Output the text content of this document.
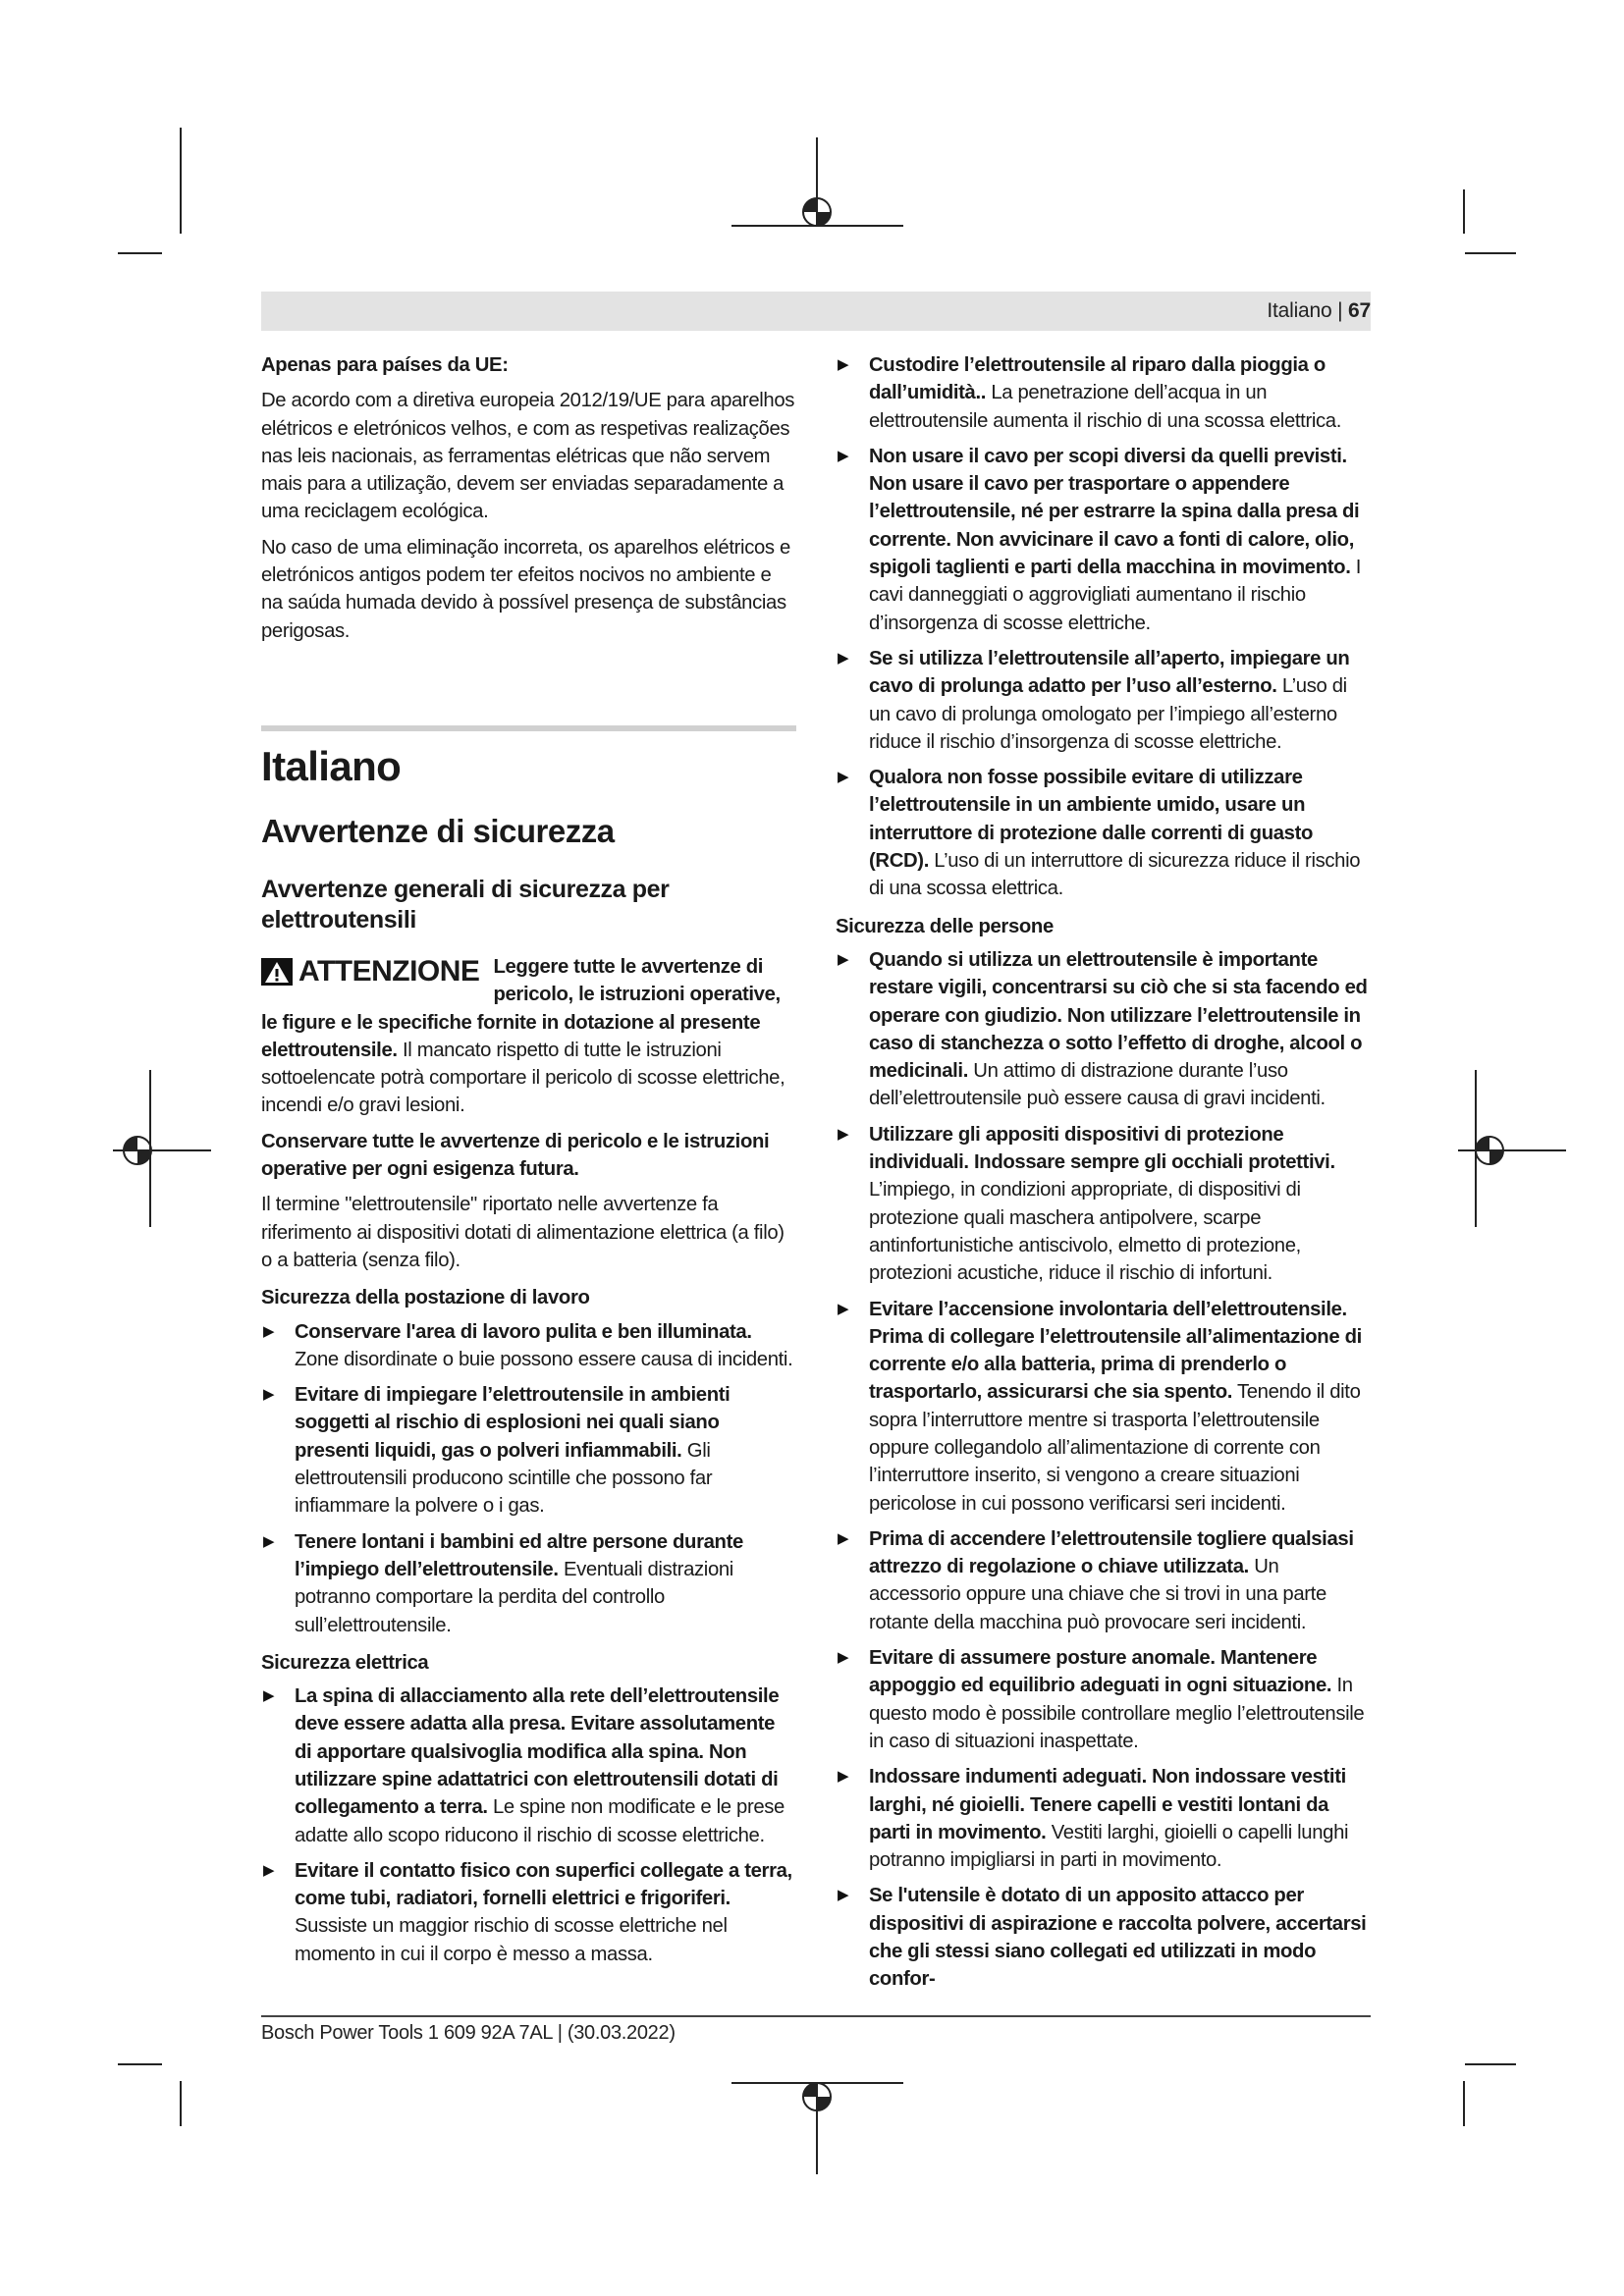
Italiano | 67

Apenas para países da UE:

De acordo com a diretiva europeia 2012/19/UE para aparelhos elétricos e eletrónicos velhos, e com as respetivas realizações nas leis nacionais, as ferramentas elétricas que não servem mais para a utilização, devem ser enviadas separadamente a uma reciclagem ecológica.

No caso de uma eliminação incorreta, os aparelhos elétricos e eletrónicos antigos podem ter efeitos nocivos no ambiente e na saúda humada devido à possível presença de substâncias perigosas.

Italiano
Avvertenze di sicurezza
Avvertenze generali di sicurezza per elettroutensili
ATTENZIONE Leggere tutte le avvertenze di pericolo, le istruzioni operative, le figure e le specifiche fornite in dotazione al presente elettroutensile. Il mancato rispetto di tutte le istruzioni sottoelencate potrà comportare il pericolo di scosse elettriche, incendi e/o gravi lesioni.

Conservare tutte le avvertenze di pericolo e le istruzioni operative per ogni esigenza futura.

Il termine "elettroutensile" riportato nelle avvertenze fa riferimento ai dispositivi dotati di alimentazione elettrica (a filo) o a batteria (senza filo).

Sicurezza della postazione di lavoro

▶ Conservare l'area di lavoro pulita e ben illuminata. Zone disordinate o buie possono essere causa di incidenti.
▶ Evitare di impiegare l’elettroutensile in ambienti soggetti al rischio di esplosioni nei quali siano presenti liquidi, gas o polveri infiammabili. Gli elettroutensili producono scintille che possono far infiammare la polvere o i gas.
▶ Tenere lontani i bambini ed altre persone durante l’impiego dell’elettroutensile. Eventuali distrazioni potranno comportare la perdita del controllo sull’elettroutensile.

Sicurezza elettrica

▶ La spina di allacciamento alla rete dell’elettroutensile deve essere adatta alla presa. Evitare assolutamente di apportare qualsivoglia modifica alla spina. Non utilizzare spine adattatrici con elettroutensili dotati di collegamento a terra. Le spine non modificate e le prese adatte allo scopo riducono il rischio di scosse elettriche.
▶ Evitare il contatto fisico con superfici collegate a terra, come tubi, radiatori, fornelli elettrici e frigoriferi. Sussiste un maggior rischio di scosse elettriche nel momento in cui il corpo è messo a massa.
▶ Custodire l’elettroutensile al riparo dalla pioggia o dall’umidità.. La penetrazione dell’acqua in un elettroutensile aumenta il rischio di una scossa elettrica.
▶ Non usare il cavo per scopi diversi da quelli previsti. Non usare il cavo per trasportare o appendere l’elettroutensile, né per estrarre la spina dalla presa di corrente. Non avvicinare il cavo a fonti di calore, olio, spigoli taglienti e parti della macchina in movimento. I cavi danneggiati o aggrovigliati aumentano il rischio d’insorgenza di scosse elettriche.
▶ Se si utilizza l’elettroutensile all’aperto, impiegare un cavo di prolunga adatto per l’uso all’esterno. L’uso di un cavo di prolunga omologato per l’impiego all’esterno riduce il rischio d’insorgenza di scosse elettriche.
▶ Qualora non fosse possibile evitare di utilizzare l’elettroutensile in un ambiente umido, usare un interruttore di protezione dalle correnti di guasto (RCD). L’uso di un interruttore di sicurezza riduce il rischio di una scossa elettrica.

Sicurezza delle persone

▶ Quando si utilizza un elettroutensile è importante restare vigili, concentrarsi su ciò che si sta facendo ed operare con giudizio. Non utilizzare l’elettroutensile in caso di stanchezza o sotto l’effetto di droghe, alcool o medicinali. Un attimo di distrazione durante l’uso dell’elettroutensile può essere causa di gravi incidenti.
▶ Utilizzare gli appositi dispositivi di protezione individuali. Indossare sempre gli occhiali protettivi. L’impiego, in condizioni appropriate, di dispositivi di protezione quali maschera antipolvere, scarpe antinfortunistiche antiscivolo, elmetto di protezione, protezioni acustiche, riduce il rischio di infortuni.
▶ Evitare l’accensione involontaria dell’elettroutensile. Prima di collegare l’elettroutensile all’alimentazione di corrente e/o alla batteria, prima di prenderlo o trasportarlo, assicurarsi che sia spento. Tenendo il dito sopra l’interruttore mentre si trasporta l’elettroutensile oppure collegandolo all’alimentazione di corrente con l’interruttore inserito, si vengono a creare situazioni pericolose in cui possono verificarsi seri incidenti.
▶ Prima di accendere l’elettroutensile togliere qualsiasi attrezzo di regolazione o chiave utilizzata. Un accessorio oppure una chiave che si trovi in una parte rotante della macchina può provocare seri incidenti.
▶ Evitare di assumere posture anomale. Mantenere appoggio ed equilibrio adeguati in ogni situazione. In questo modo è possibile controllare meglio l’elettroutensile in caso di situazioni inaspettate.
▶ Indossare indumenti adeguati. Non indossare vestiti larghi, né gioielli. Tenere capelli e vestiti lontani da parti in movimento. Vestiti larghi, gioielli o capelli lunghi potranno impigliarsi in parti in movimento.
▶ Se l'utensile è dotato di un apposito attacco per dispositivi di aspirazione e raccolta polvere, accertarsi che gli stessi siano collegati ed utilizzati in modo confor-
Bosch Power Tools 1 609 92A 7AL | (30.03.2022)
